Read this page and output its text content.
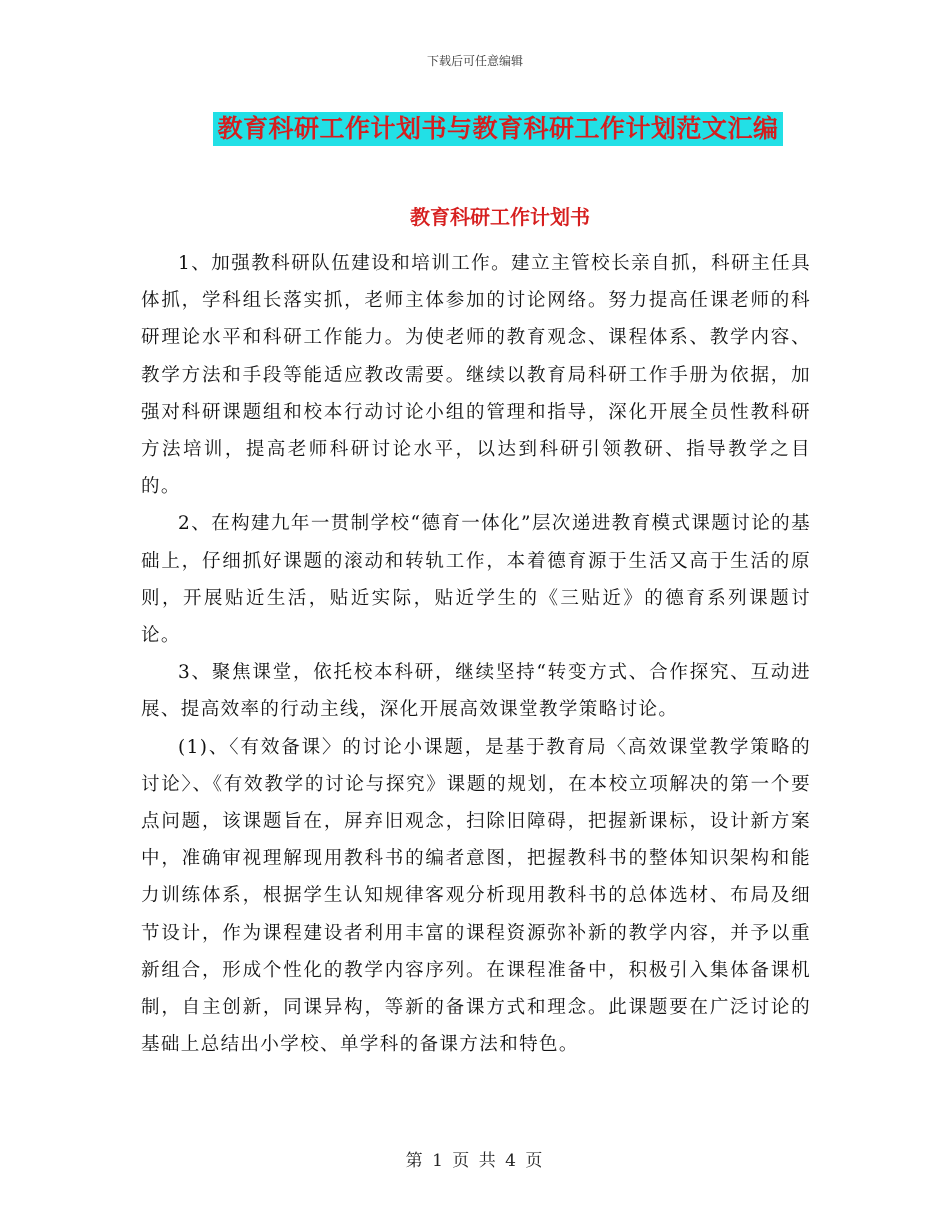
下载后可任意编辑
教育科研工作计划书与教育科研工作计划范文汇编
教育科研工作计划书

1、加强教科研队伍建设和培训工作。建立主管校长亲自抓，科研主任具体抓，学科组长落实抓，老师主体参加的讨论网络。努力提高任课老师的科研理论水平和科研工作能力。为使老师的教育观念、课程体系、教学内容、教学方法和手段等能适应教改需要。继续以教育局科研工作手册为依据，加强对科研课题组和校本行动讨论小组的管理和指导，深化开展全员性教科研方法培训，提高老师科研讨论水平，以达到科研引领教研、指导教学之目的。

2、在构建九年一贯制学校“德育一体化”层次递进教育模式课题讨论的基础上，仔细抓好课题的滚动和转轨工作，本着德育源于生活又高于生活的原则，开展贴近生活，贴近实际，贴近学生的《三贴近》的德育系列课题讨论。

3、聚焦课堂，依托校本科研，继续坚持“转变方式、合作探究、互动进展、提高效率的行动主线，深化开展高效课堂教学策略讨论。

(1)、〈有效备课〉的讨论小课题，是基于教育局〈高效课堂教学策略的讨论〉、《有效教学的讨论与探究》课题的规划，在本校立项解决的第一个要点问题，该课题旨在，屏弃旧观念，扫除旧障碍，把握新课标，设计新方案中，准确审视理解现用教科书的编者意图，把握教科书的整体知识架构和能力训练体系，根据学生认知规律客观分析现用教科书的总体选材、布局及细节设计，作为课程建设者利用丰富的课程资源弥补新的教学内容，并予以重新组合，形成个性化的教学内容序列。在课程准备中，积极引入集体备课机制，自主创新，同课异构，等新的备课方式和理念。此课题要在广泛讨论的基础上总结出小学校、单学科的备课方法和特色。

第 1 页 共 4 页
